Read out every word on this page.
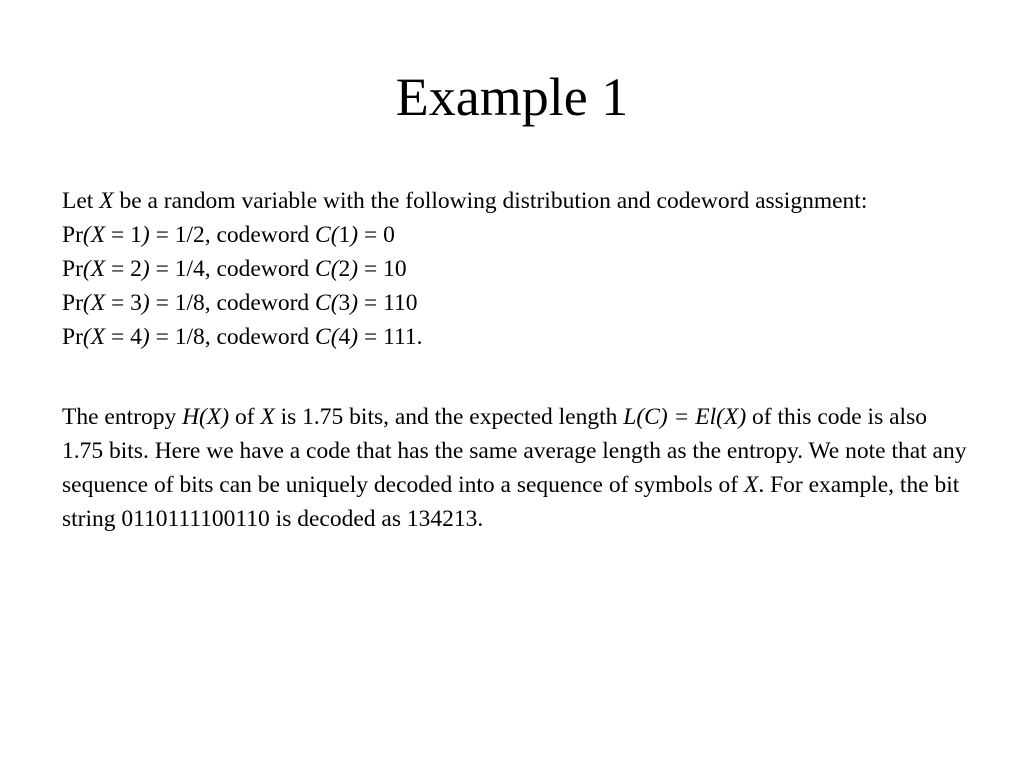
Example 1

Let X be a random variable with the following distribution and codeword assignment:

Pr(X = 1) = 1/2, codeword C(1) = 0

Pr(X = 2) = 1/4, codeword C(2) = 10

Pr(X = 3) = 1/8, codeword C(3) = 110

Pr(X = 4) = 1/8, codeword C(4) = 111.

The entropy H(X) of X is 1.75 bits, and the expected length L(C) = El(X) of this code is also 1.75 bits. Here we have a code that has the same average length as the entropy. We note that any sequence of bits can be uniquely decoded into a sequence of symbols of X. For example, the bit string 0110111100110 is decoded as 134213.
